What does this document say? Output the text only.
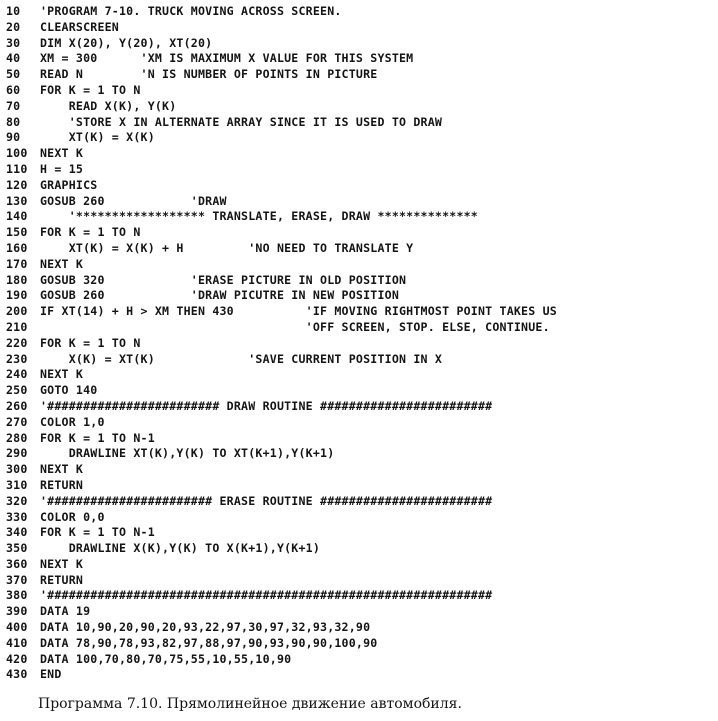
10 'PROGRAM 7-10. TRUCK MOVING ACROSS SCREEN.
20 CLEARSCREEN
30 DIM X(20), Y(20), XT(20)
40 XM = 300      'XM IS MAXIMUM X VALUE FOR THIS SYSTEM
50 READ N        'N IS NUMBER OF POINTS IN PICTURE
60 FOR K = 1 TO N
70    READ X(K), Y(K)
80    'STORE X IN ALTERNATE ARRAY SINCE IT IS USED TO DRAW
90    XT(K) = X(K)
100 NEXT K
110 H = 15
120 GRAPHICS
130 GOSUB 260            'DRAW
140    '****************** TRANSLATE, ERASE, DRAW **************
150 FOR K = 1 TO N
160    XT(K) = X(K) + H         'NO NEED TO TRANSLATE Y
170 NEXT K
180 GOSUB 320            'ERASE PICTURE IN OLD POSITION
190 GOSUB 260            'DRAW PICUTRE IN NEW POSITION
200 IF XT(14) + H > XM THEN 430          'IF MOVING RIGHTMOST POINT TAKES US
210                                     'OFF SCREEN, STOP. ELSE, CONTINUE.
220 FOR K = 1 TO N
230    X(K) = XT(K)             'SAVE CURRENT POSITION IN X
240 NEXT K
250 GOTO 140
260 '######################## DRAW ROUTINE ########################
270 COLOR 1,0
280 FOR K = 1 TO N-1
290    DRAWLINE XT(K),Y(K) TO XT(K+1),Y(K+1)
300 NEXT K
310 RETURN
320 '####################### ERASE ROUTINE ########################
330 COLOR 0,0
340 FOR K = 1 TO N-1
350    DRAWLINE X(K),Y(K) TO X(K+1),Y(K+1)
360 NEXT K
370 RETURN
380 '##############################################################
390 DATA 19
400 DATA 10,90,20,90,20,93,22,97,30,97,32,93,32,90
410 DATA 78,90,78,93,82,97,88,97,90,93,90,90,100,90
420 DATA 100,70,80,70,75,55,10,55,10,90
430 END
Программа 7.10. Прямолинейное движение автомобиля.
